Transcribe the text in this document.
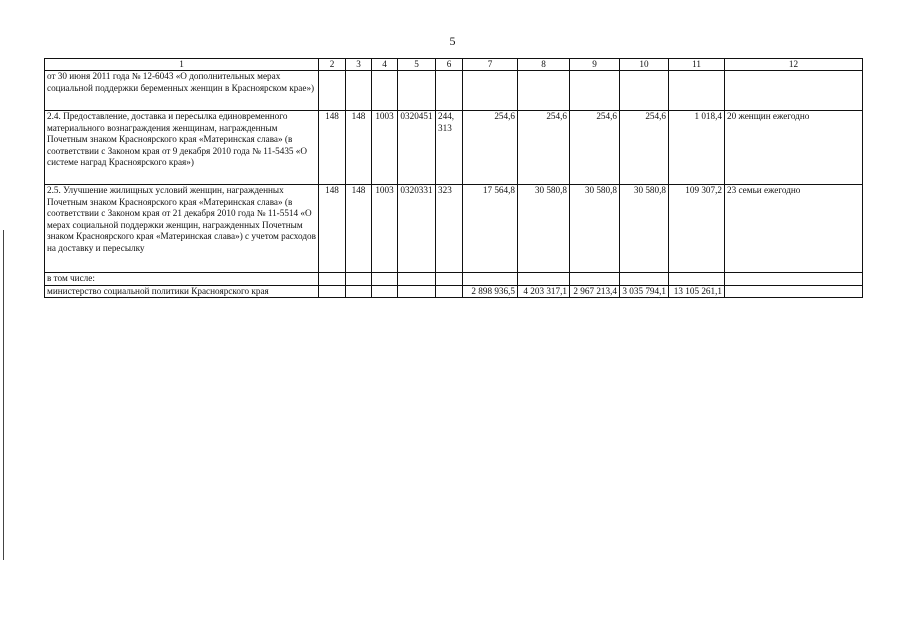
5
1	2	3	4	5	6	7	8	9	10	11	12
от 30 июня 2011 года № 12-6043 «О дополнительных мерах социальной поддержки беременных женщин в Красноярском крае»)											
2.4. Предоставление, доставка и пересылка единовременного материального вознаграждения женщинам, награжденным Почетным знаком Красноярского края «Материнская слава» (в соответствии с Законом края от 9 декабря 2010 года № 11-5435 «О системе наград Красноярского края»)	148	148	1003	0320451	244, 313	254,6	254,6	254,6	254,6	1 018,4	20 женщин ежегодно
2.5. Улучшение жилищных условий женщин, награжденных Почетным знаком Красноярского края «Материнская слава» (в соответствии с Законом края от 21 декабря 2010 года № 11-5514 «О мерах социальной поддержки женщин, награжденных Почетным знаком Красноярского края «Материнская слава») с учетом расходов на доставку и пересылку	148	148	1003	0320331	323	17 564,8	30 580,8	30 580,8	30 580,8	109 307,2	23 семьи ежегодно
в том числе:											
министерство социальной политики Красноярского края						2 898 936,5	4 203 317,1	2 967 213,4	3 035 794,1	13 105 261,1	
